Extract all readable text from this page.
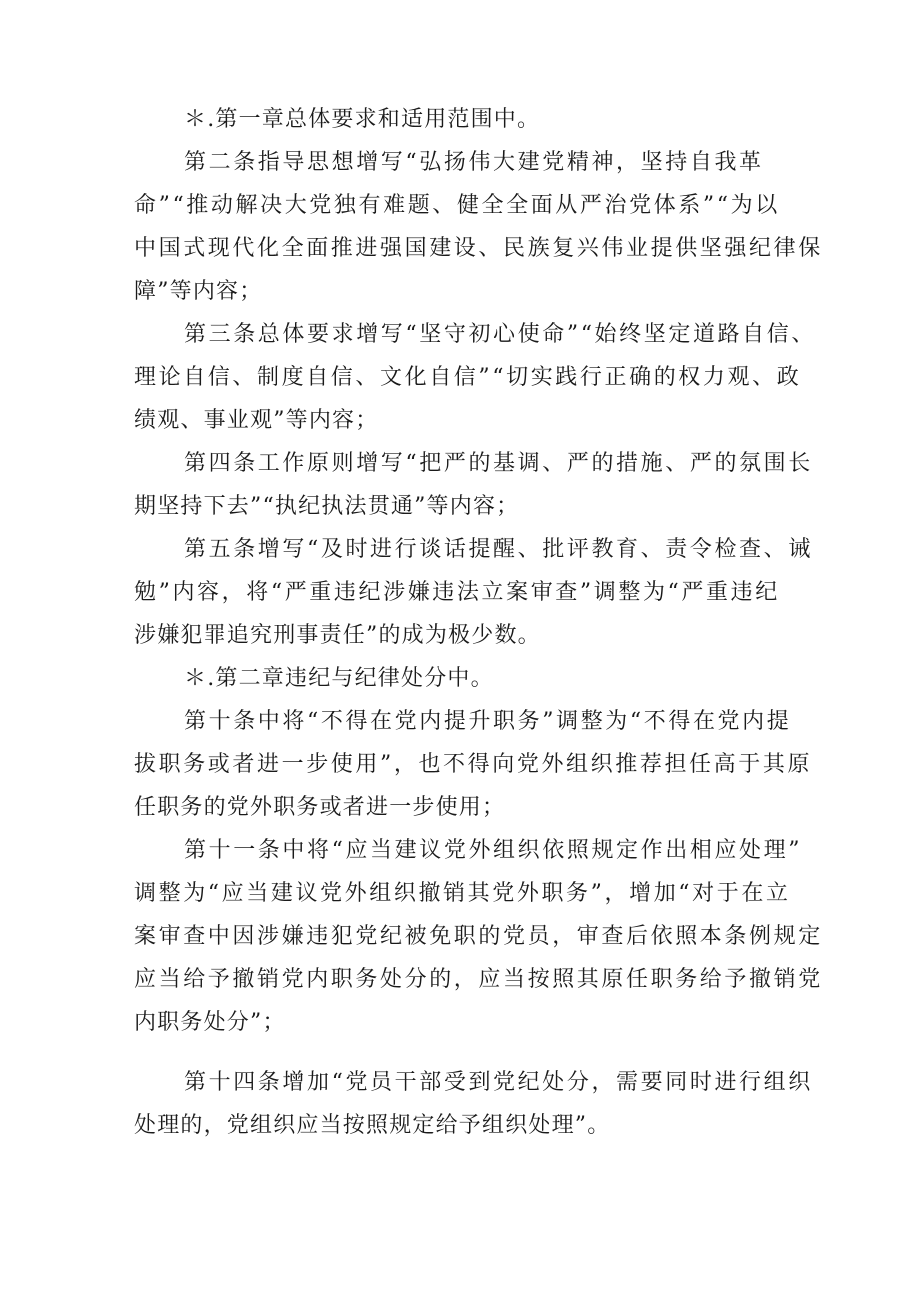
＊.第一章总体要求和适用范围中。

第二条指导思想增写“弘扬伟大建党精神，坚持自我革

命”“推动解决大党独有难题、健全全面从严治党体系”“为以

中国式现代化全面推进强国建设、民族复兴伟业提供坚强纪律保

障”等内容；

第三条总体要求增写“坚守初心使命”“始终坚定道路自信、

理论自信、制度自信、文化自信”“切实践行正确的权力观、政

绩观、事业观”等内容；

第四条工作原则增写“把严的基调、严的措施、严的氛围长

期坚持下去”“执纪执法贯通”等内容；

第五条增写“及时进行谈话提醒、批评教育、责令检查、诫

勉”内容，将“严重违纪涉嫌违法立案审查”调整为“严重违纪

涉嫌犯罪追究刑事责任”的成为极少数。

＊.第二章违纪与纪律处分中。

第十条中将“不得在党内提升职务”调整为“不得在党内提

拔职务或者进一步使用”，也不得向党外组织推荐担任高于其原

任职务的党外职务或者进一步使用；

第十一条中将“应当建议党外组织依照规定作出相应处理”

调整为“应当建议党外组织撤销其党外职务”，增加“对于在立

案审查中因涉嫌违犯党纪被免职的党员，审查后依照本条例规定

应当给予撤销党内职务处分的，应当按照其原任职务给予撤销党

内职务处分”；

第十四条增加“党员干部受到党纪处分，需要同时进行组织

处理的，党组织应当按照规定给予组织处理”。
